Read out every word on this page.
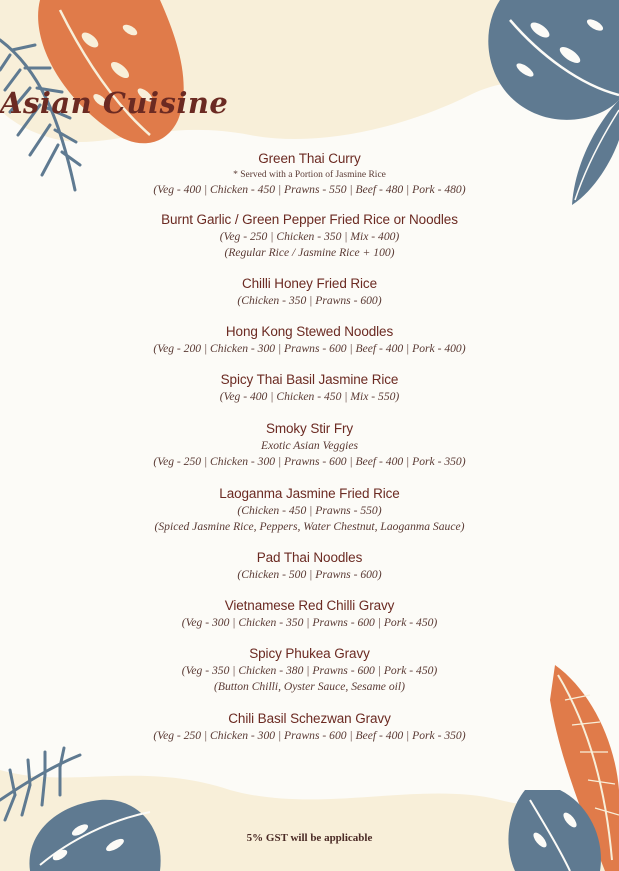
Asian Cuisine
Green Thai Curry
* Served with a Portion of Jasmine Rice
(Veg - 400 | Chicken - 450 | Prawns - 550 | Beef - 480 | Pork - 480)
Burnt Garlic / Green Pepper Fried Rice or Noodles
(Veg - 250 | Chicken - 350 | Mix - 400)
(Regular Rice / Jasmine Rice + 100)
Chilli Honey Fried Rice
(Chicken - 350 | Prawns - 600)
Hong Kong Stewed Noodles
(Veg - 200 | Chicken - 300 | Prawns - 600 | Beef - 400 | Pork - 400)
Spicy Thai Basil Jasmine Rice
(Veg - 400 | Chicken - 450 | Mix - 550)
Smoky Stir Fry
Exotic Asian Veggies
(Veg - 250 | Chicken - 300 | Prawns - 600 | Beef - 400 | Pork - 350)
Laoganma Jasmine Fried Rice
(Chicken - 450 | Prawns - 550)
(Spiced Jasmine Rice, Peppers, Water Chestnut, Laoganma Sauce)
Pad Thai Noodles
(Chicken - 500 | Prawns - 600)
Vietnamese Red Chilli Gravy
(Veg - 300 | Chicken - 350 | Prawns - 600 | Pork - 450)
Spicy Phukea Gravy
(Veg - 350 | Chicken - 380 | Prawns - 600 | Pork - 450)
(Button Chilli, Oyster Sauce, Sesame oil)
Chili Basil Schezwan Gravy
(Veg - 250 | Chicken - 300 | Prawns - 600 | Beef - 400 | Pork - 350)
5% GST will be applicable
